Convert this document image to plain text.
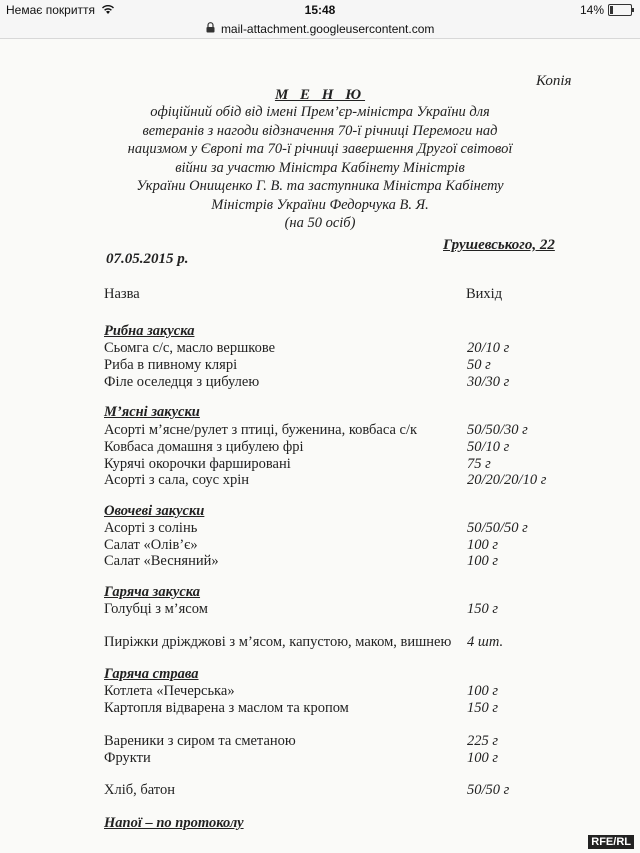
Немає покриття	15:48	14%
mail-attachment.googleusercontent.com
Копія
М Е Н Ю
офіційний обід від імені Прем’єр-міністра України для
ветеранів з нагоди відзначення 70-ї річниці Перемоги над
нацизмом у Європі та 70-ї річниці завершення Другої світової
війни за участю Міністра Кабінету Міністрів
України Онищенко Г. В. та заступника Міністра Кабінету
Міністрів України Федорчука В. Я.
(на 50 осіб)
Грушевського, 22
07.05.2015 р.
Назва	Вихід
Рибна закуска
Сьомга с/с, масло вершкове	20/10 г
Риба в пивному клярі	50 г
Філе оселедця з цибулею	30/30 г
М’ясні закуски
Асорті м’ясне/рулет з птиці, буженина, ковбаса с/к	50/50/30 г
Ковбаса домашня з цибулею фрі	50/10 г
Курячі окорочки фаршировані	75 г
Асорті з сала, соус хрін	20/20/20/10 г
Овочеві закуски
Асорті з солінь	50/50/50 г
Салат «Олів’є»	100 г
Салат «Весняний»	100 г
Гаряча закуска
Голубці з м’ясом	150 г
Пиріжки дріжджові з м’ясом, капустою, маком, вишнею 4 шт.
Гаряча страва
Котлета «Печерська»	100 г
Картопля відварена з маслом та кропом	150 г
Вареники з сиром та сметаною	225 г
Фрукти	100 г
Хліб, батон	50/50 г
Напої – по протоколу
RFE/RL
